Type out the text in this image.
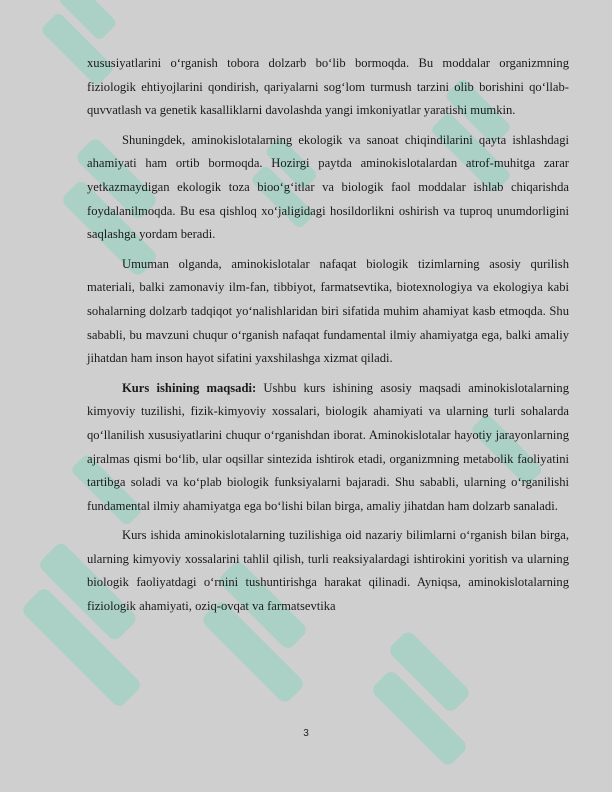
xususiyatlarini o‘rganish tobora dolzarb bo‘lib bormoqda. Bu moddalar organizmning fiziologik ehtiyojlarini qondirish, qariyalarni sog‘lom turmush tarzini olib borishini qo‘llab-quvvatlash va genetik kasalliklarni davolashda yangi imkoniyatlar yaratishi mumkin.

Shuningdek, aminokislotalarning ekologik va sanoat chiqindilarini qayta ishlashdagi ahamiyati ham ortib bormoqda. Hozirgi paytda aminokislotalardan atrof-muhitga zarar yetkazmaydigan ekologik toza bioo‘g‘itlar va biologik faol moddalar ishlab chiqarishda foydalanilmoqda. Bu esa qishloq xo‘jaligidagi hosildorlikni oshirish va tuproq unumdorligini saqlashga yordam beradi.

Umuman olganda, aminokislotalar nafaqat biologik tizimlarning asosiy qurilish materiali, balki zamonaviy ilm-fan, tibbiyot, farmatsevtika, biotexnologiya va ekologiya kabi sohalarning dolzarb tadqiqot yo‘nalishlaridan biri sifatida muhim ahamiyat kasb etmoqda. Shu sababli, bu mavzuni chuqur o‘rganish nafaqat fundamental ilmiy ahamiyatga ega, balki amaliy jihatdan ham inson hayot sifatini yaxshilashga xizmat qiladi.

Kurs ishining maqsadi: Ushbu kurs ishining asosiy maqsadi aminokislotalarning kimyoviy tuzilishi, fizik-kimyoviy xossalari, biologik ahamiyati va ularning turli sohalarda qo‘llanilish xususiyatlarini chuqur o‘rganishdan iborat. Aminokislotalar hayotiy jarayonlarning ajralmas qismi bo‘lib, ular oqsillar sintezida ishtirok etadi, organizmning metabolik faoliyatini tartibga soladi va ko‘plab biologik funksiyalarni bajaradi. Shu sababli, ularning o‘rganilishi fundamental ilmiy ahamiyatga ega bo‘lishi bilan birga, amaliy jihatdan ham dolzarb sanaladi.

Kurs ishida aminokislotalarning tuzilishiga oid nazariy bilimlarni o‘rganish bilan birga, ularning kimyoviy xossalarini tahlil qilish, turli reaksiyalardagi ishtirokini yoritish va ularning biologik faoliyatdagi o‘rnini tushuntirishga harakat qilinadi. Ayniqsa, aminokislotalarning fiziologik ahamiyati, oziq-ovqat va farmatsevtika

3
